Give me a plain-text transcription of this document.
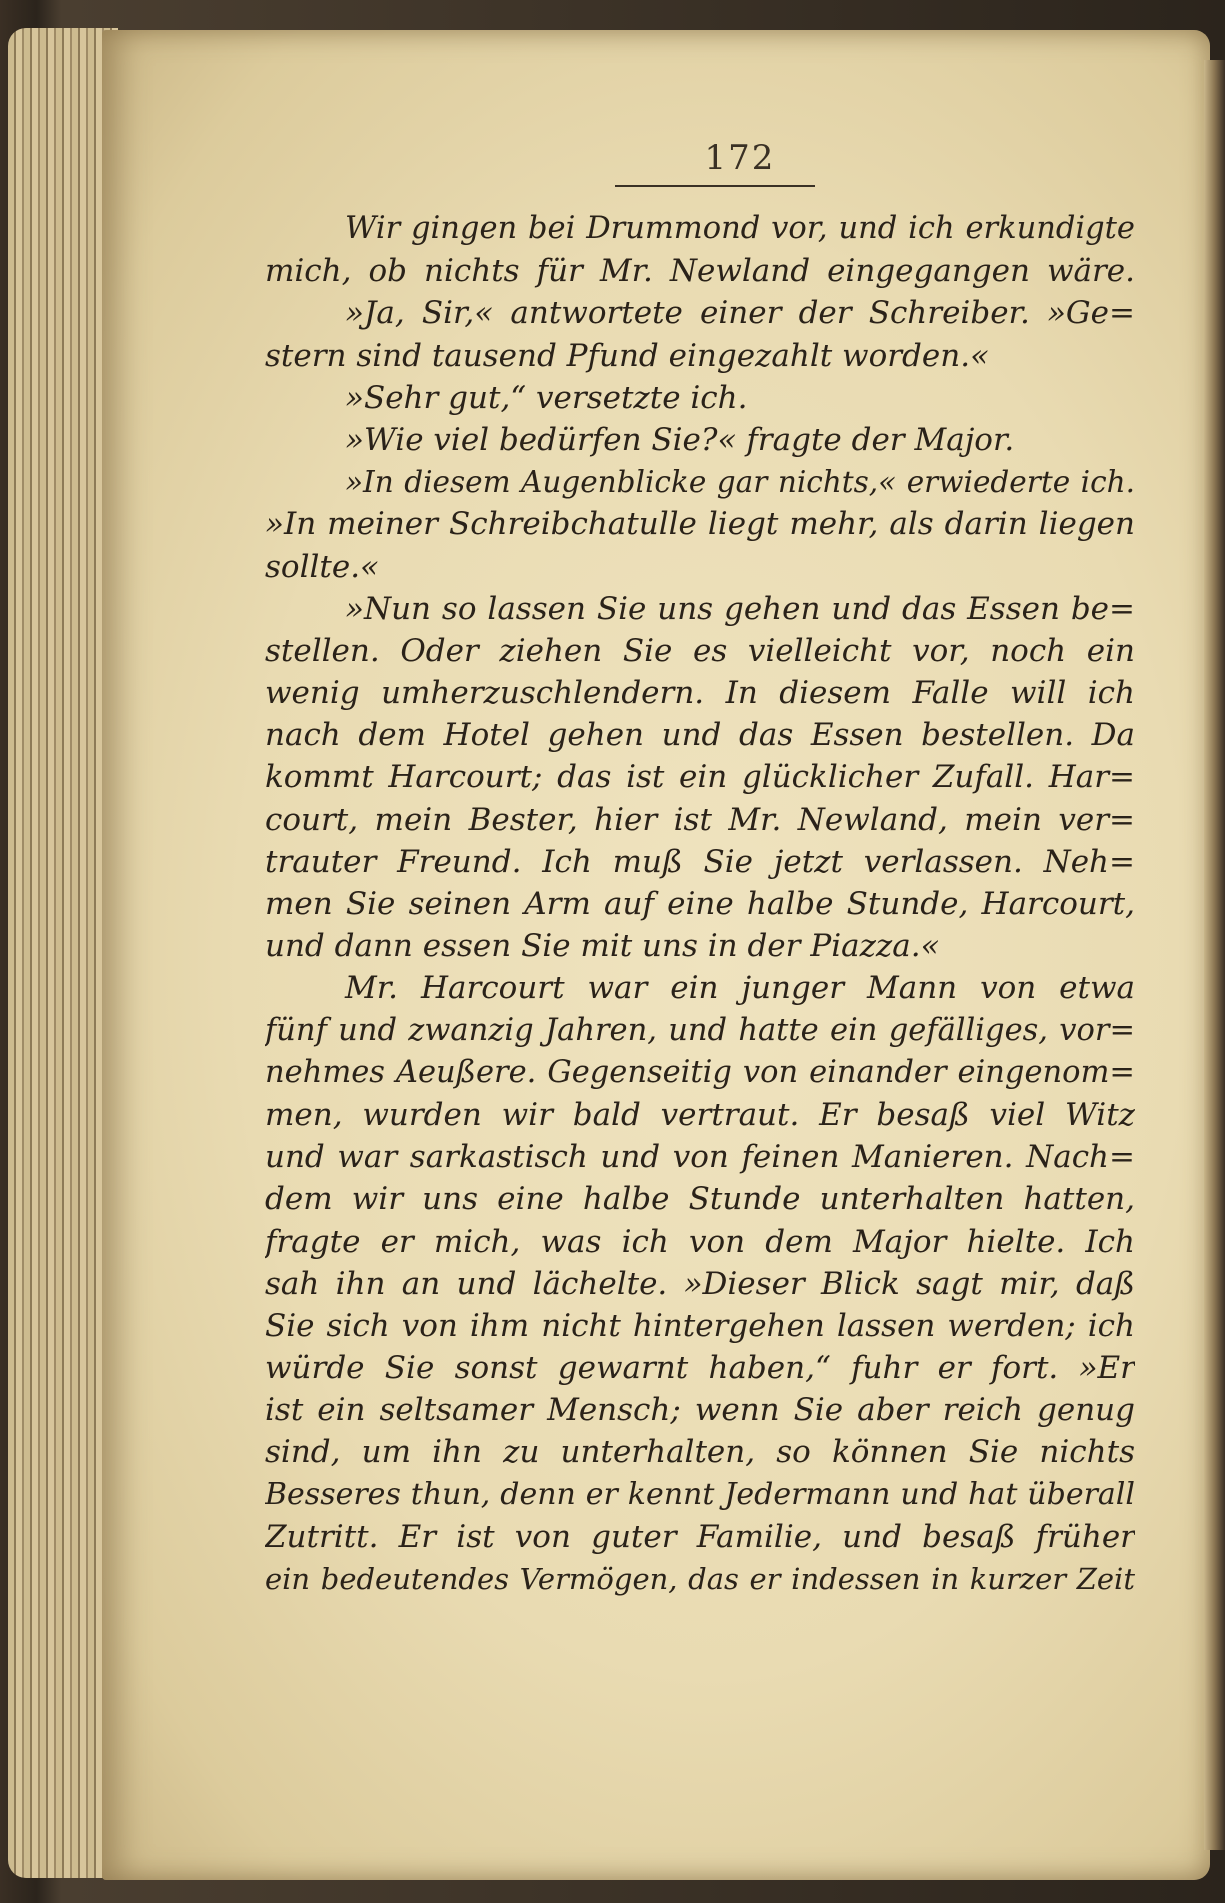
172
Wir gingen bei Drummond vor, und ich erkundigte
mich, ob nichts für Mr. Newland eingegangen wäre.
»Ja, Sir,« antwortete einer der Schreiber. »Ge=
stern sind tausend Pfund eingezahlt worden.«
»Sehr gut,“ versetzte ich.
»Wie viel bedürfen Sie?« fragte der Major.
»In diesem Augenblicke gar nichts,« erwiederte ich.
»In meiner Schreibchatulle liegt mehr, als darin liegen
sollte.«
»Nun so lassen Sie uns gehen und das Essen be=
stellen. Oder ziehen Sie es vielleicht vor, noch ein
wenig umherzuschlendern. In diesem Falle will ich
nach dem Hotel gehen und das Essen bestellen. Da
kommt Harcourt; das ist ein glücklicher Zufall. Har=
court, mein Bester, hier ist Mr. Newland, mein ver=
trauter Freund. Ich muß Sie jetzt verlassen. Neh=
men Sie seinen Arm auf eine halbe Stunde, Harcourt,
und dann essen Sie mit uns in der Piazza.«
Mr. Harcourt war ein junger Mann von etwa
fünf und zwanzig Jahren, und hatte ein gefälliges, vor=
nehmes Aeußere. Gegenseitig von einander eingenom=
men, wurden wir bald vertraut. Er besaß viel Witz
und war sarkastisch und von feinen Manieren. Nach=
dem wir uns eine halbe Stunde unterhalten hatten,
fragte er mich, was ich von dem Major hielte. Ich
sah ihn an und lächelte. »Dieser Blick sagt mir, daß
Sie sich von ihm nicht hintergehen lassen werden; ich
würde Sie sonst gewarnt haben,“ fuhr er fort. »Er
ist ein seltsamer Mensch; wenn Sie aber reich genug
sind, um ihn zu unterhalten, so können Sie nichts
Besseres thun, denn er kennt Jedermann und hat überall
Zutritt. Er ist von guter Familie, und besaß früher
ein bedeutendes Vermögen, das er indessen in kurzer Zeit
